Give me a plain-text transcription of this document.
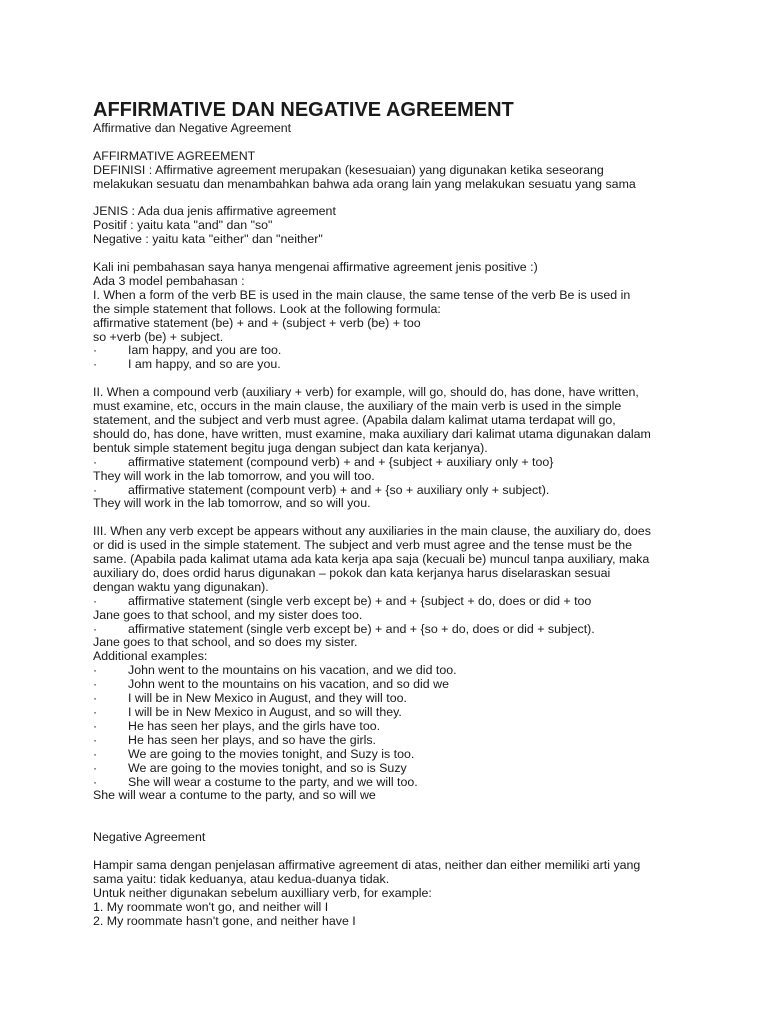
AFFIRMATIVE DAN NEGATIVE AGREEMENT
Affirmative dan Negative Agreement
AFFIRMATIVE AGREEMENT
DEFINISI : Affirmative agreement merupakan (kesesuaian) yang digunakan ketika seseorang
melakukan sesuatu dan menambahkan bahwa ada orang lain yang melakukan sesuatu yang sama
JENIS : Ada dua jenis affirmative agreement
Positif : yaitu kata "and" dan "so"
Negative : yaitu kata "either" dan "neither"
Kali ini pembahasan saya hanya mengenai affirmative agreement jenis positive :)
Ada 3 model pembahasan :
I. When a form of the verb BE is used in the main clause, the same tense of the verb Be is used in
the simple statement that follows. Look at the following formula:
affirmative statement (be) + and + (subject + verb (be) + too
so +verb (be) + subject.
· Iam happy, and you are too.
· I am happy, and so are you.
II. When a compound verb (auxiliary + verb) for example, will go, should do, has done, have written,
must examine, etc, occurs in the main clause, the auxiliary of the main verb is used in the simple
statement, and the subject and verb must agree. (Apabila dalam kalimat utama terdapat will go,
should do, has done, have written, must examine, maka auxiliary dari kalimat utama digunakan dalam
bentuk simple statement begitu juga dengan subject dan kata kerjanya).
· affirmative statement (compound verb) + and + {subject + auxiliary only + too}
They will work in the lab tomorrow, and you will too.
· affirmative statement (compount verb) + and + {so + auxiliary only + subject).
They will work in the lab tomorrow, and so will you.
III. When any verb except be appears without any auxiliaries in the main clause, the auxiliary do, does
or did is used in the simple statement. The subject and verb must agree and the tense must be the
same. (Apabila pada kalimat utama ada kata kerja apa saja (kecuali be) muncul tanpa auxiliary, maka
auxiliary do, does ordid harus digunakan – pokok dan kata kerjanya harus diselaraskan sesuai
dengan waktu yang digunakan).
· affirmative statement (single verb except be) + and + {subject + do, does or did + too
Jane goes to that school, and my sister does too.
· affirmative statement (single verb except be) + and + {so + do, does or did + subject).
Jane goes to that school, and so does my sister.
Additional examples:
· John went to the mountains on his vacation, and we did too.
· John went to the mountains on his vacation, and so did we
· I will be in New Mexico in August, and they will too.
· I will be in New Mexico in August, and so will they.
· He has seen her plays, and the girls have too.
· He has seen her plays, and so have the girls.
· We are going to the movies tonight, and Suzy is too.
· We are going to the movies tonight, and so is Suzy
· She will wear a costume to the party, and we will too.
She will wear a contume to the party, and so will we
Negative Agreement
Hampir sama dengan penjelasan affirmative agreement di atas, neither dan either memiliki arti yang
sama yaitu: tidak keduanya, atau kedua-duanya tidak.
Untuk neither digunakan sebelum auxilliary verb, for example:
1. My roommate won't go, and neither will I
2. My roommate hasn't gone, and neither have I
